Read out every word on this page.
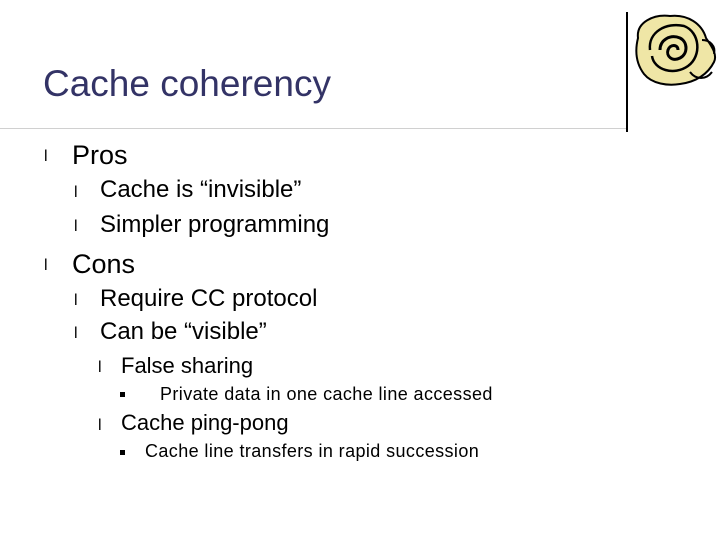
Cache coherency
l Pros
l Cache is “invisible”
l Simpler programming
l Cons
l Require CC protocol
l Can be “visible”
l False sharing
Private data in one cache line accessed
l Cache ping-pong
Cache line transfers in rapid succession
